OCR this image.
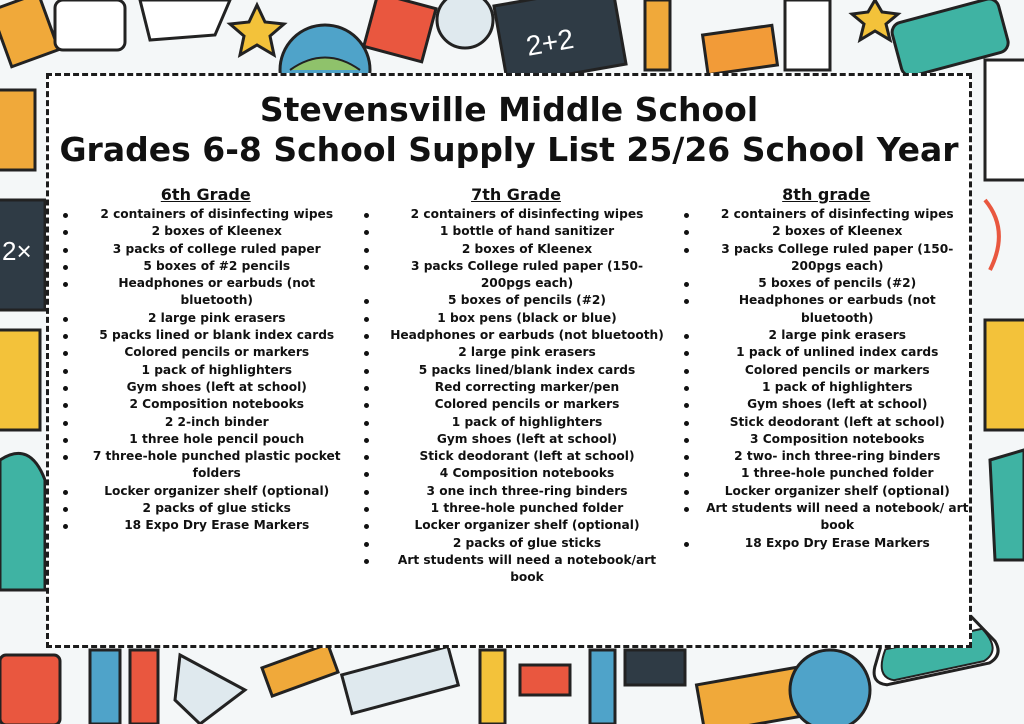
2+2
2×
Stevensville Middle School
Grades 6-8 School Supply List 25/26 School Year
6th Grade
2 containers of disinfecting wipes
2 boxes of Kleenex
3 packs of college ruled paper
5 boxes of #2 pencils
Headphones or earbuds (not bluetooth)
2 large pink erasers
5 packs lined or blank index cards
Colored pencils or markers
1 pack of highlighters
Gym shoes (left at school)
2 Composition notebooks
2 2-inch binder
1 three hole pencil pouch
7 three-hole punched plastic pocket folders
Locker organizer shelf (optional)
2 packs of glue sticks
18 Expo Dry Erase Markers
7th Grade
2 containers of disinfecting wipes
1 bottle of hand sanitizer
2 boxes of Kleenex
3 packs College ruled paper (150-200pgs each)
5 boxes of pencils (#2)
1 box pens (black or blue)
Headphones or earbuds (not bluetooth)
2 large pink erasers
5 packs lined/blank index cards
Red correcting marker/pen
Colored pencils or markers
1 pack of highlighters
Gym shoes (left at school)
Stick deodorant (left at school)
4 Composition notebooks
3 one inch three-ring binders
1 three-hole punched folder
Locker organizer shelf (optional)
2 packs of glue sticks
Art students will need a notebook/art book
8th grade
2 containers of disinfecting wipes
2 boxes of Kleenex
3 packs College ruled paper (150-200pgs each)
5 boxes of pencils (#2)
Headphones or earbuds (not bluetooth)
2 large pink erasers
1 pack of unlined index cards
Colored pencils or markers
1 pack of highlighters
Gym shoes (left at school)
Stick deodorant (left at school)
3 Composition notebooks
2 two- inch three-ring binders
1 three-hole punched folder
Locker organizer shelf (optional)
Art students will need a notebook/ art book
18 Expo Dry Erase Markers
